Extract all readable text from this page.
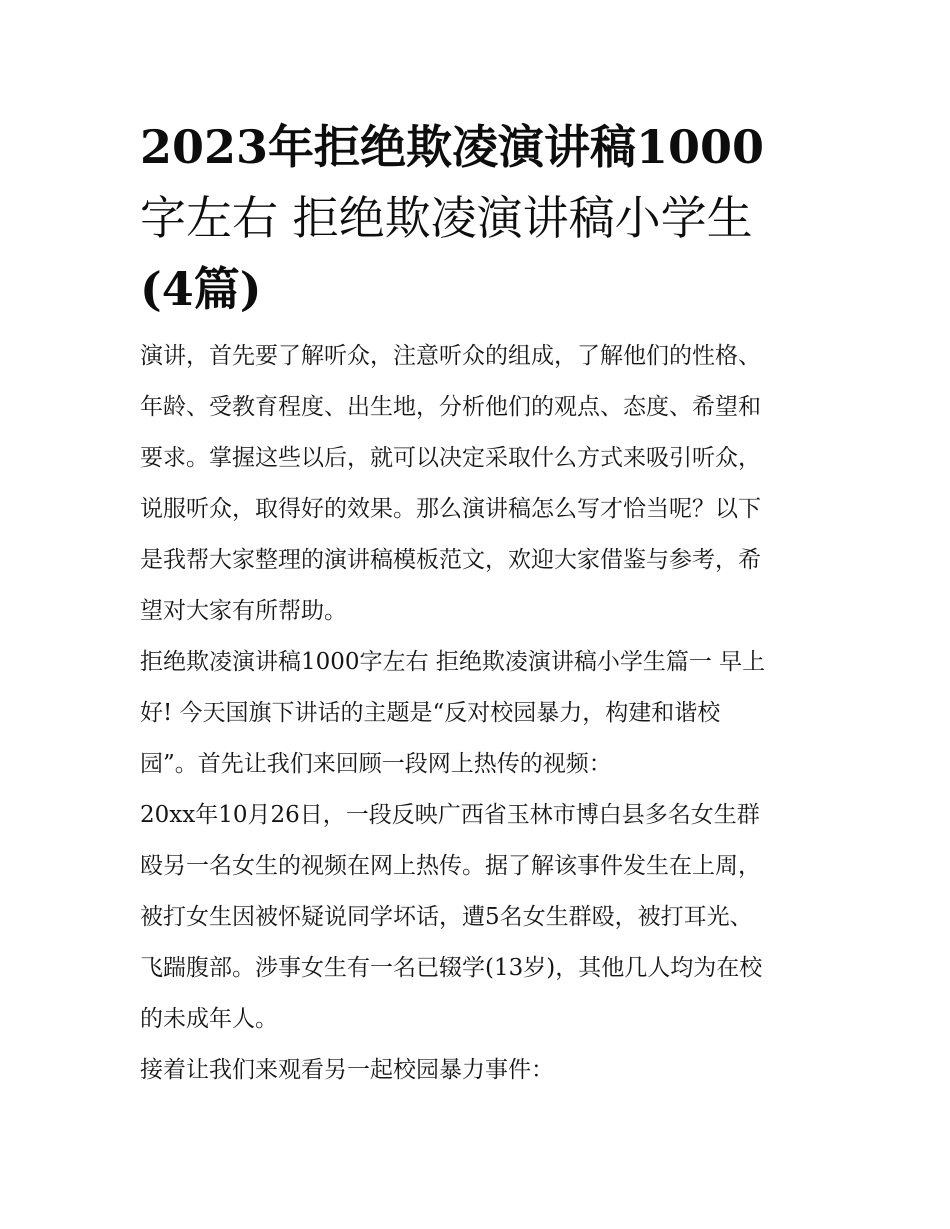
2023年拒绝欺凌演讲稿1000
字左右 拒绝欺凌演讲稿小学生
(4篇)
演讲，首先要了解听众，注意听众的组成，了解他们的性格、
年龄、受教育程度、出生地，分析他们的观点、态度、希望和
要求。掌握这些以后，就可以决定采取什么方式来吸引听众，
说服听众，取得好的效果。那么演讲稿怎么写才恰当呢？以下
是我帮大家整理的演讲稿模板范文，欢迎大家借鉴与参考，希
望对大家有所帮助。
拒绝欺凌演讲稿1000字左右 拒绝欺凌演讲稿小学生篇一 早上
好! 今天国旗下讲话的主题是“反对校园暴力，构建和谐校
园”。首先让我们来回顾一段网上热传的视频：
20xx年10月26日，一段反映广西省玉林市博白县多名女生群
殴另一名女生的视频在网上热传。据了解该事件发生在上周，
被打女生因被怀疑说同学坏话，遭5名女生群殴，被打耳光、
飞踹腹部。涉事女生有一名已辍学(13岁)，其他几人均为在校
的未成年人。
接着让我们来观看另一起校园暴力事件：
